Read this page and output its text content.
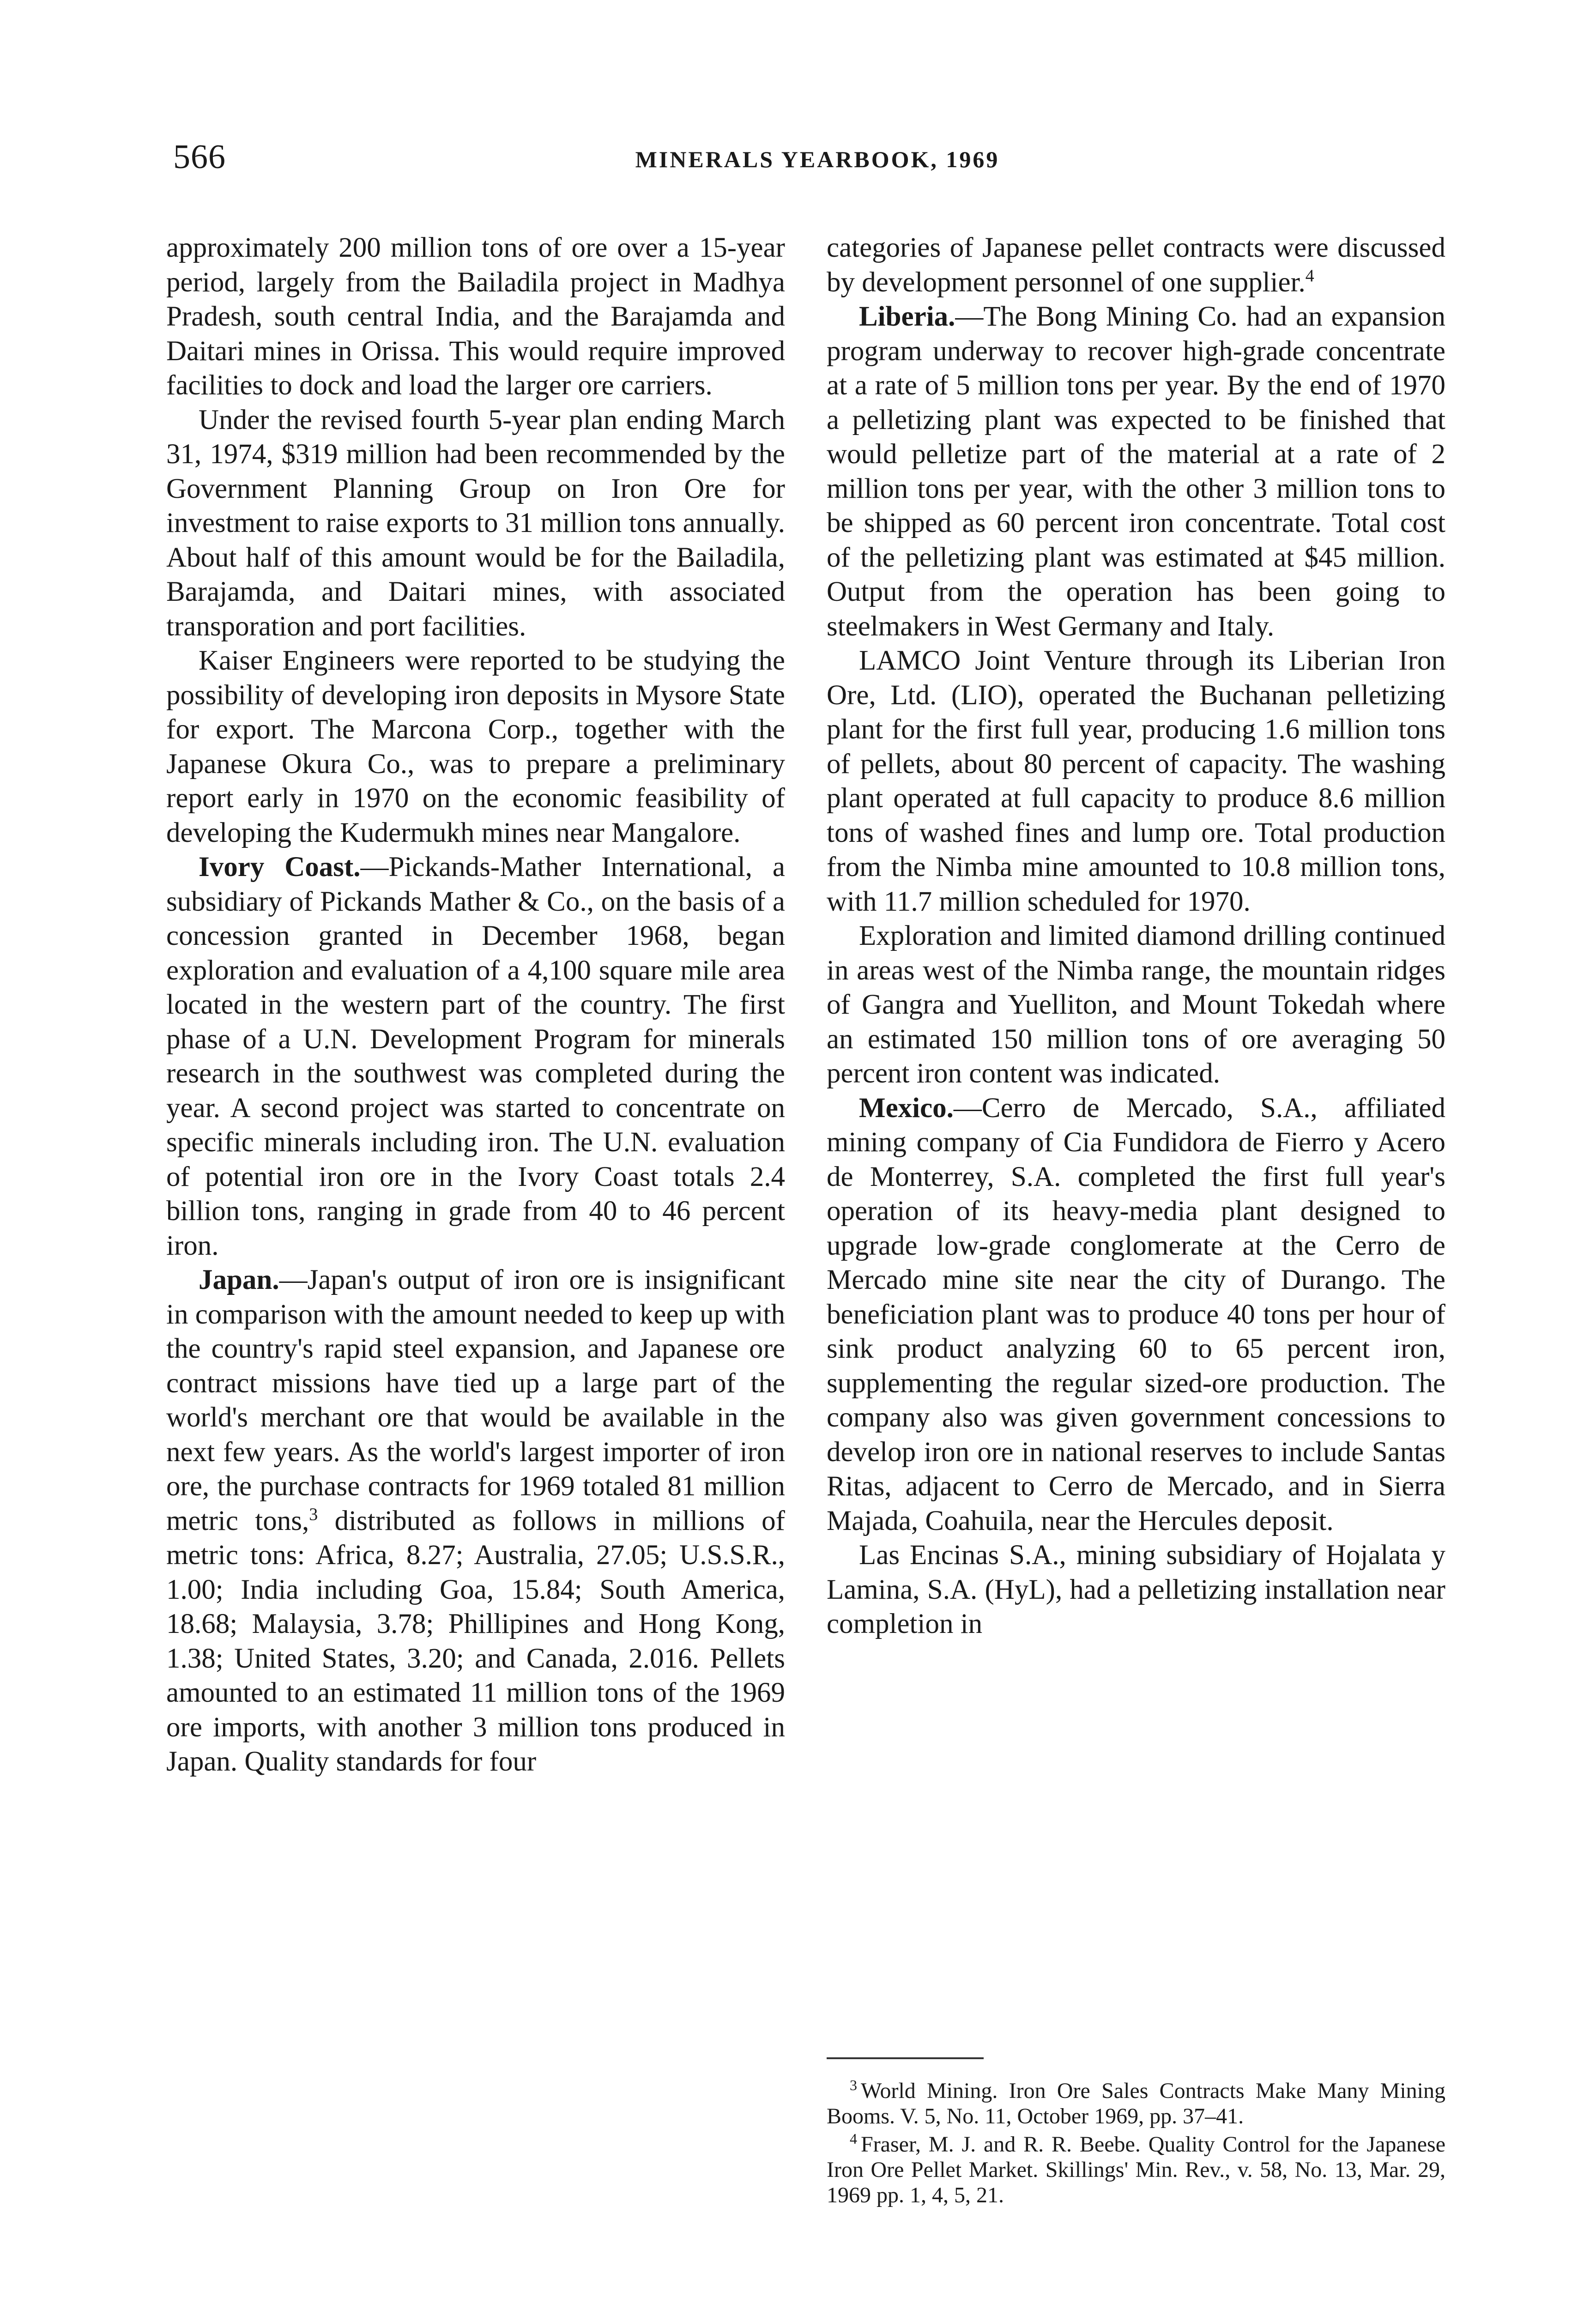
566	MINERALS YEARBOOK, 1969

approximately 200 million tons of ore over a 15-year period, largely from the Bailadila project in Madhya Pradesh, south central India, and the Barajamda and Daitari mines in Orissa. This would require improved facilities to dock and load the larger ore carriers.

Under the revised fourth 5-year plan ending March 31, 1974, $319 million had been recommended by the Government Planning Group on Iron Ore for investment to raise exports to 31 million tons annually. About half of this amount would be for the Bailadila, Barajamda, and Daitari mines, with associated transporation and port facilities.

Kaiser Engineers were reported to be studying the possibility of developing iron deposits in Mysore State for export. The Marcona Corp., together with the Japanese Okura Co., was to prepare a preliminary report early in 1970 on the economic feasibility of developing the Kudermukh mines near Mangalore.

Ivory Coast.—Pickands-Mather International, a subsidiary of Pickands Mather & Co., on the basis of a concession granted in December 1968, began exploration and evaluation of a 4,100 square mile area located in the western part of the country. The first phase of a U.N. Development Program for minerals research in the southwest was completed during the year. A second project was started to concentrate on specific minerals including iron. The U.N. evaluation of potential iron ore in the Ivory Coast totals 2.4 billion tons, ranging in grade from 40 to 46 percent iron.

Japan.—Japan's output of iron ore is insignificant in comparison with the amount needed to keep up with the country's rapid steel expansion, and Japanese ore contract missions have tied up a large part of the world's merchant ore that would be available in the next few years. As the world's largest importer of iron ore, the purchase contracts for 1969 totaled 81 million metric tons,$^3$ distributed as follows in millions of metric tons: Africa, 8.27; Australia, 27.05; U.S.S.R., 1.00; India including Goa, 15.84; South America, 18.68; Malaysia, 3.78; Phillipines and Hong Kong, 1.38; United States, 3.20; and Canada, 2.016. Pellets amounted to an estimated 11 million tons of the 1969 ore imports, with another 3 million tons produced in Japan. Quality standards for four

categories of Japanese pellet contracts were discussed by development personnel of one supplier.$^4$

Liberia.—The Bong Mining Co. had an expansion program underway to recover high-grade concentrate at a rate of 5 million tons per year. By the end of 1970 a pelletizing plant was expected to be finished that would pelletize part of the material at a rate of 2 million tons per year, with the other 3 million tons to be shipped as 60 percent iron concentrate. Total cost of the pelletizing plant was estimated at $45 million. Output from the operation has been going to steelmakers in West Germany and Italy.

LAMCO Joint Venture through its Liberian Iron Ore, Ltd. (LIO), operated the Buchanan pelletizing plant for the first full year, producing 1.6 million tons of pellets, about 80 percent of capacity. The washing plant operated at full capacity to produce 8.6 million tons of washed fines and lump ore. Total production from the Nimba mine amounted to 10.8 million tons, with 11.7 million scheduled for 1970.

Exploration and limited diamond drilling continued in areas west of the Nimba range, the mountain ridges of Gangra and Yuelliton, and Mount Tokedah where an estimated 150 million tons of ore averaging 50 percent iron content was indicated.

Mexico.—Cerro de Mercado, S.A., affiliated mining company of Cia Fundidora de Fierro y Acero de Monterrey, S.A. completed the first full year's operation of its heavy-media plant designed to upgrade low-grade conglomerate at the Cerro de Mercado mine site near the city of Durango. The beneficiation plant was to produce 40 tons per hour of sink product analyzing 60 to 65 percent iron, supplementing the regular sized-ore production. The company also was given government concessions to develop iron ore in national reserves to include Santas Ritas, adjacent to Cerro de Mercado, and in Sierra Majada, Coahuila, near the Hercules deposit.

Las Encinas S.A., mining subsidiary of Hojalata y Lamina, S.A. (HyL), had a pelletizing installation near completion in

$^3$ World Mining. Iron Ore Sales Contracts Make Many Mining Booms. V. 5, No. 11, October 1969, pp. 37–41.

$^4$ Fraser, M. J. and R. R. Beebe. Quality Control for the Japanese Iron Ore Pellet Market. Skillings' Min. Rev., v. 58, No. 13, Mar. 29, 1969 pp. 1, 4, 5, 21.
